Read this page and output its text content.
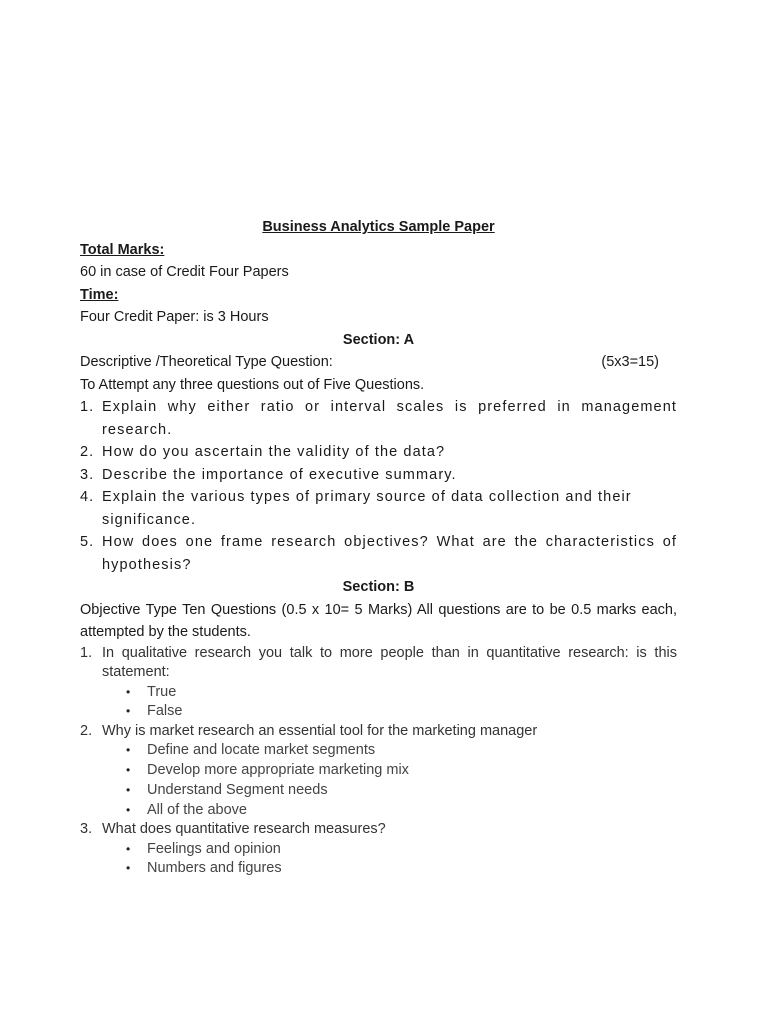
Business Analytics Sample Paper
Total Marks:
60 in case of Credit Four Papers
Time:
Four Credit Paper: is 3 Hours
Section: A
Descriptive /Theoretical Type Question:	(5x3=15)
To Attempt any three questions out of Five Questions.
1. Explain why either ratio or interval scales is preferred in management research.
2. How do you ascertain the validity of the data?
3. Describe the importance of executive summary.
4. Explain the various types of primary source of data collection and their
significance.
5. How does one frame research objectives? What are the characteristics of hypothesis?
Section: B
Objective Type Ten Questions (0.5 x 10= 5 Marks) All questions are to be 0.5 marks each, attempted by the students.
1. In qualitative research you talk to more people than in quantitative research: is this statement:
• True
• False
2. Why is market research an essential tool for the marketing manager
• Define and locate market segments
• Develop more appropriate marketing mix
• Understand Segment needs
• All of the above
3. What does quantitative research measures?
• Feelings and opinion
• Numbers and figures
